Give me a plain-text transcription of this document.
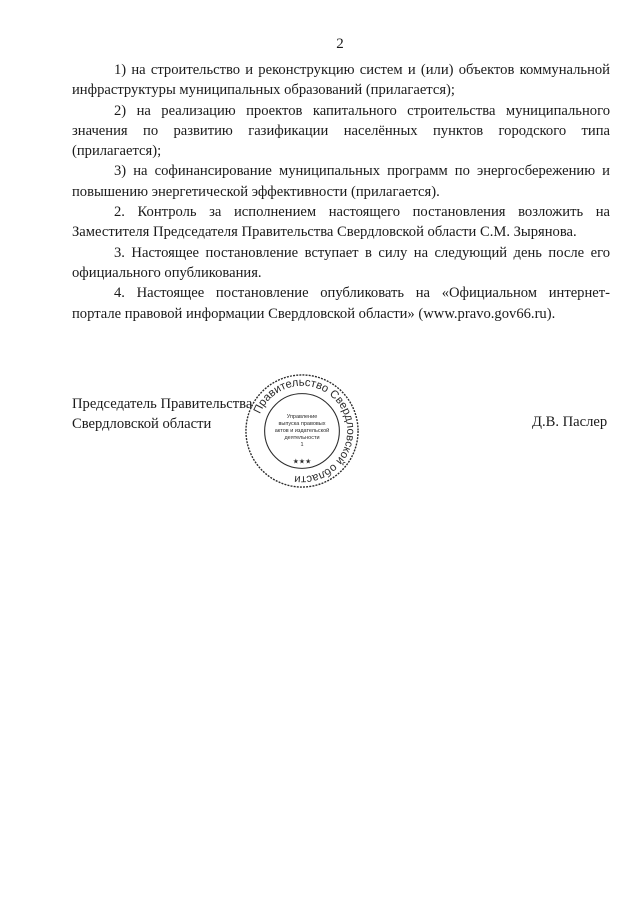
2

1) на строительство и реконструкцию систем и (или) объектов коммунальной инфраструктуры муниципальных образований (прилагается);

2) на реализацию проектов капитального строительства муниципального значения по развитию газификации населённых пунктов городского типа (прилагается);

3) на софинансирование муниципальных программ по энергосбережению и повышению энергетической эффективности (прилагается).

2. Контроль за исполнением настоящего постановления возложить на Заместителя Председателя Правительства Свердловской области С.М. Зырянова.

3. Настоящее постановление вступает в силу на следующий день после его официального опубликования.

4. Настоящее постановление опубликовать на «Официальном интернет-портале правовой информации Свердловской области» (www.pravo.gov66.ru).

Председатель Правительства
Свердловской области	Д.В. Паслер
Правительство Свердловской области
Управление
выпуска правовых
актов и издательской
деятельности
1
★★★
